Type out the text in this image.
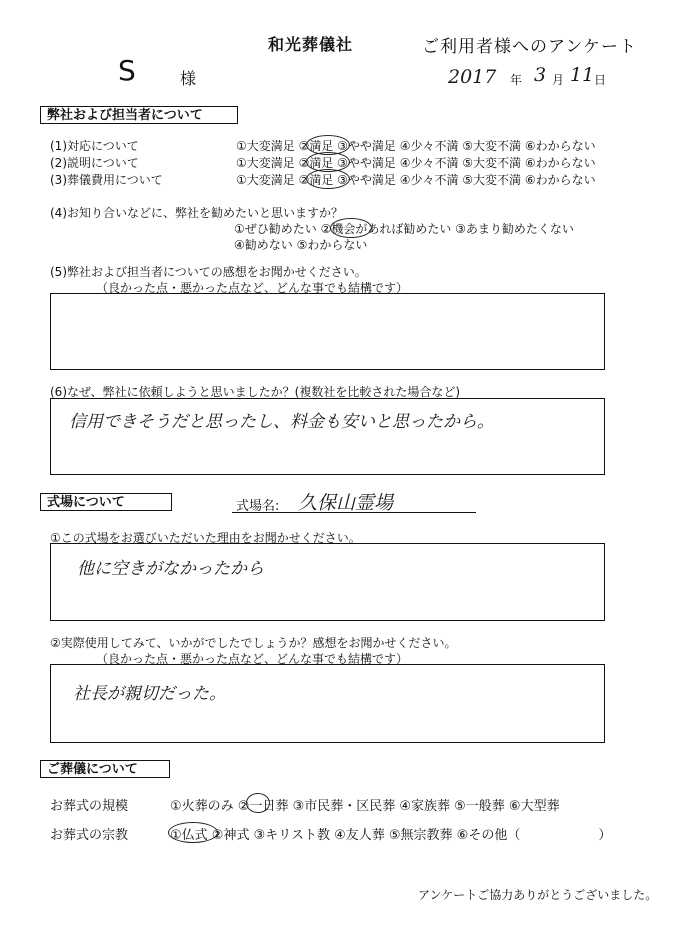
和光葬儀社	ご利用者様へのアンケート
S	様	2017 年 3 月 11 日
弊社および担当者について
(1)対応について	①大変満足 ②満足 ③やや満足 ④少々不満 ⑤大変不満 ⑥わからない
(2)説明について	①大変満足 ②満足 ③やや満足 ④少々不満 ⑤大変不満 ⑥わからない
(3)葬儀費用について	①大変満足 ②満足 ③やや満足 ④少々不満 ⑤大変不満 ⑥わからない
(4)お知り合いなどに、弊社を勧めたいと思いますか？
①ぜひ勧めたい ②機会があれば勧めたい ③あまり勧めたくない
④勧めない ⑤わからない
(5)弊社および担当者についての感想をお聞かせください。
（良かった点・悪かった点など、どんな事でも結構です）
(6)なぜ、弊社に依頼しようと思いましたか？(複数社を比較された場合など)
信用できそうだと思ったし、料金も安いと思ったから。
式場について	式場名: 久保山霊場
①この式場をお選びいただいた理由をお聞かせください。
他に空きがなかったから
②実際使用してみて、いかがでしたでしょうか？感想をお聞かせください。
（良かった点・悪かった点など、どんな事でも結構です）
社長が親切だった。
ご葬儀について
お葬式の規模	①火葬のみ ②一日葬 ③市民葬・区民葬 ④家族葬 ⑤一般葬 ⑥大型葬
お葬式の宗教	①仏式 ②神式 ③キリスト教 ④友人葬 ⑤無宗教葬 ⑥その他（　　　　　　）
アンケートご協力ありがとうございました。
